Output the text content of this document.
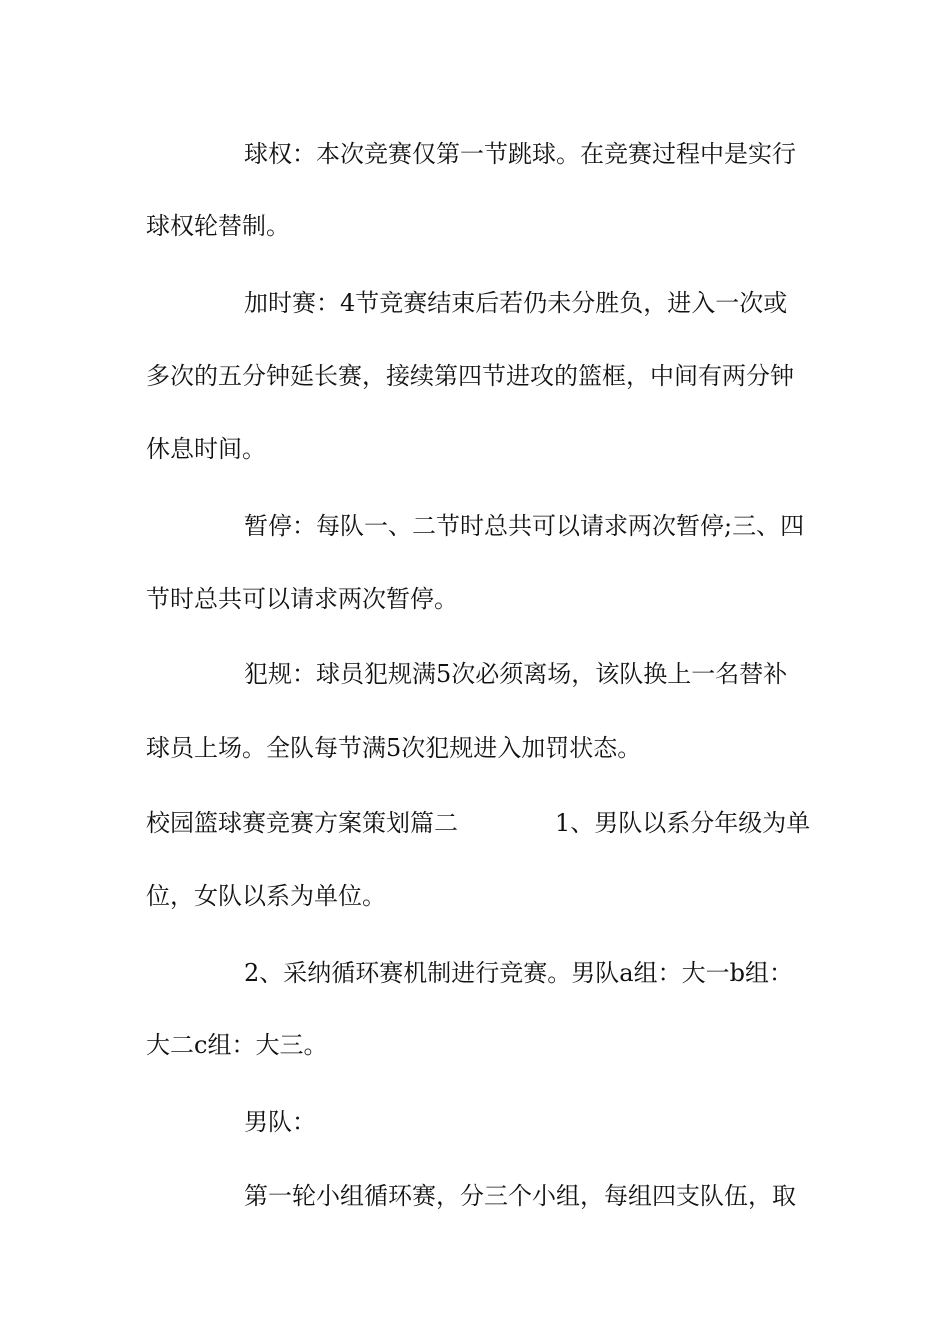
球权：本次竞赛仅第一节跳球。在竞赛过程中是实行
球权轮替制。
加时赛：4节竞赛结束后若仍未分胜负，进入一次或
多次的五分钟延长赛，接续第四节进攻的篮框，中间有两分钟
休息时间。
暂停：每队一、二节时总共可以请求两次暂停;三、四
节时总共可以请求两次暂停。
犯规：球员犯规满5次必须离场，该队换上一名替补
球员上场。全队每节满5次犯规进入加罚状态。
校园篮球赛竞赛方案策划篇二	1、男队以系分年级为单
位，女队以系为单位。
2、采纳循环赛机制进行竞赛。男队a组：大一b组：
大二c组：大三。
男队：
第一轮小组循环赛，分三个小组，每组四支队伍，取
